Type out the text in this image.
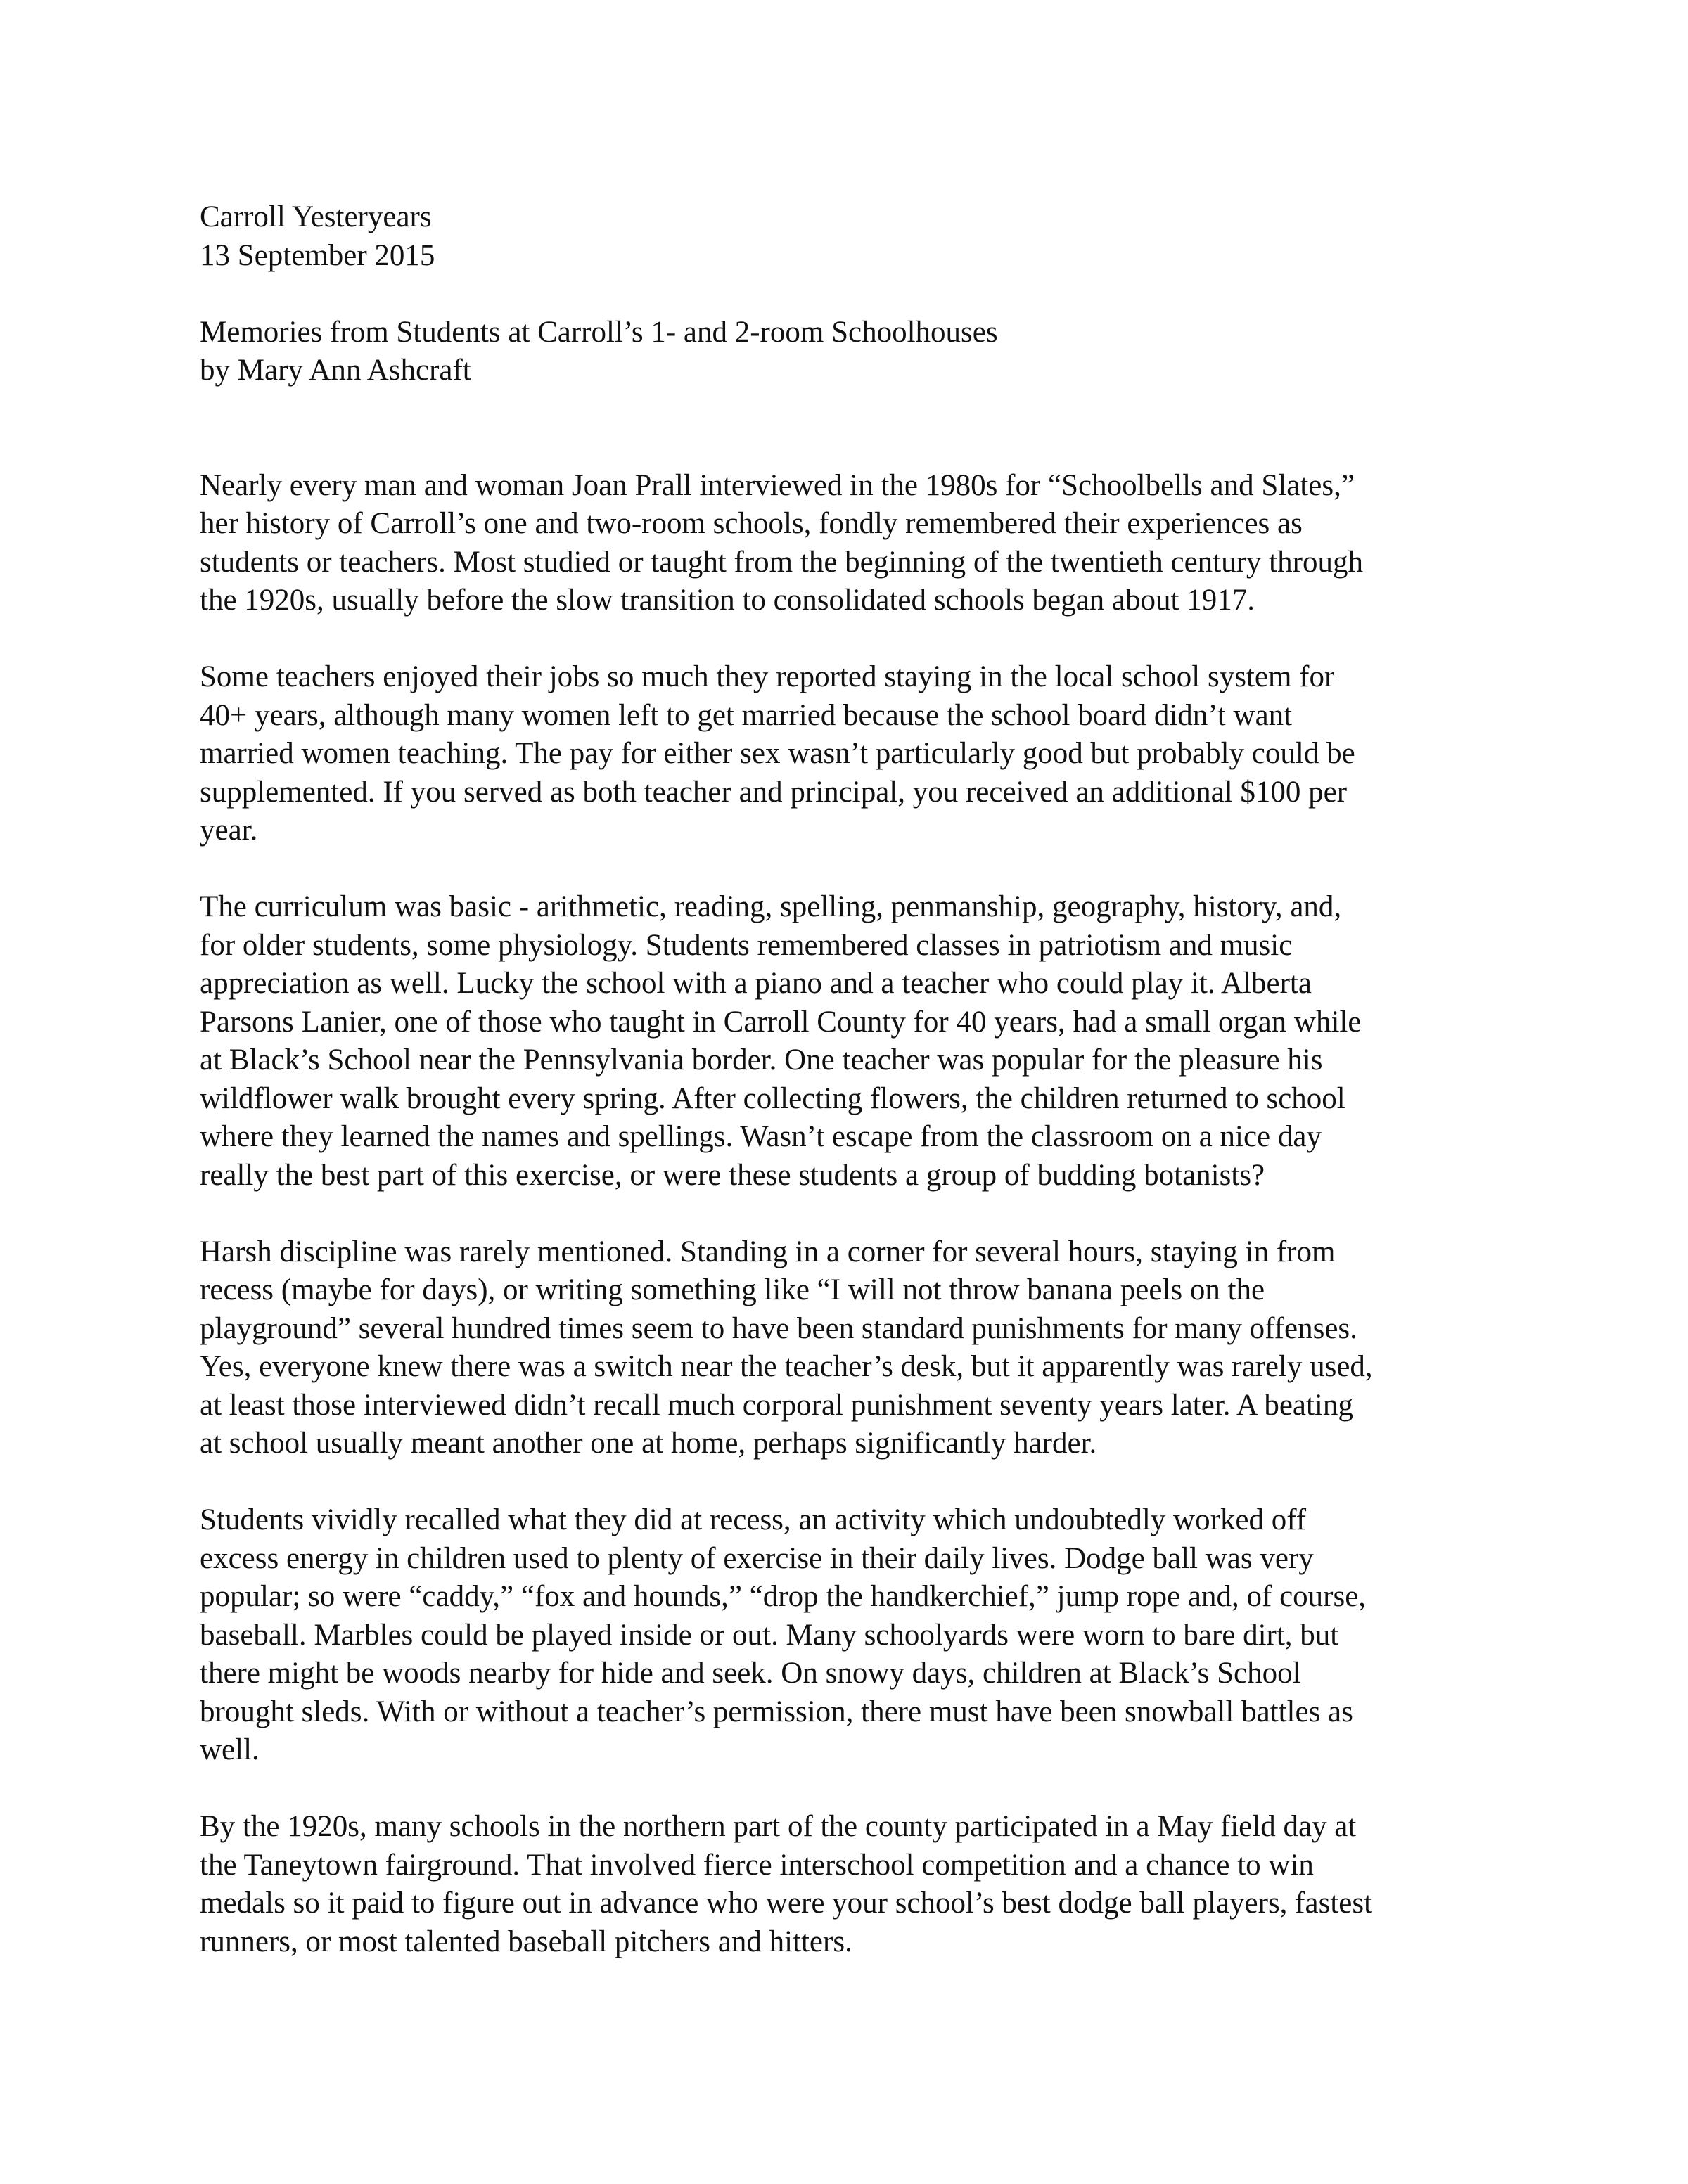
Carroll Yesteryears
13 September 2015
Memories from Students at Carroll’s 1- and 2-room Schoolhouses
by Mary Ann Ashcraft

Nearly every man and woman Joan Prall interviewed in the 1980s for “Schoolbells and Slates,”
her history of Carroll’s one and two-room schools, fondly remembered their experiences as
students or teachers. Most studied or taught from the beginning of the twentieth century through
the 1920s, usually before the slow transition to consolidated schools began about 1917.

Some teachers enjoyed their jobs so much they reported staying in the local school system for
40+ years, although many women left to get married because the school board didn’t want
married women teaching. The pay for either sex wasn’t particularly good but probably could be
supplemented. If you served as both teacher and principal, you received an additional $100 per
year.

The curriculum was basic - arithmetic, reading, spelling, penmanship, geography, history, and,
for older students, some physiology. Students remembered classes in patriotism and music
appreciation as well. Lucky the school with a piano and a teacher who could play it. Alberta
Parsons Lanier, one of those who taught in Carroll County for 40 years, had a small organ while
at Black’s School near the Pennsylvania border. One teacher was popular for the pleasure his
wildflower walk brought every spring. After collecting flowers, the children returned to school
where they learned the names and spellings. Wasn’t escape from the classroom on a nice day
really the best part of this exercise, or were these students a group of budding botanists?

Harsh discipline was rarely mentioned. Standing in a corner for several hours, staying in from
recess (maybe for days), or writing something like “I will not throw banana peels on the
playground” several hundred times seem to have been standard punishments for many offenses.
Yes, everyone knew there was a switch near the teacher’s desk, but it apparently was rarely used,
at least those interviewed didn’t recall much corporal punishment seventy years later. A beating
at school usually meant another one at home, perhaps significantly harder.

Students vividly recalled what they did at recess, an activity which undoubtedly worked off
excess energy in children used to plenty of exercise in their daily lives. Dodge ball was very
popular; so were “caddy,” “fox and hounds,” “drop the handkerchief,” jump rope and, of course,
baseball. Marbles could be played inside or out. Many schoolyards were worn to bare dirt, but
there might be woods nearby for hide and seek. On snowy days, children at Black’s School
brought sleds. With or without a teacher’s permission, there must have been snowball battles as
well.

By the 1920s, many schools in the northern part of the county participated in a May field day at
the Taneytown fairground. That involved fierce interschool competition and a chance to win
medals so it paid to figure out in advance who were your school’s best dodge ball players, fastest
runners, or most talented baseball pitchers and hitters.
